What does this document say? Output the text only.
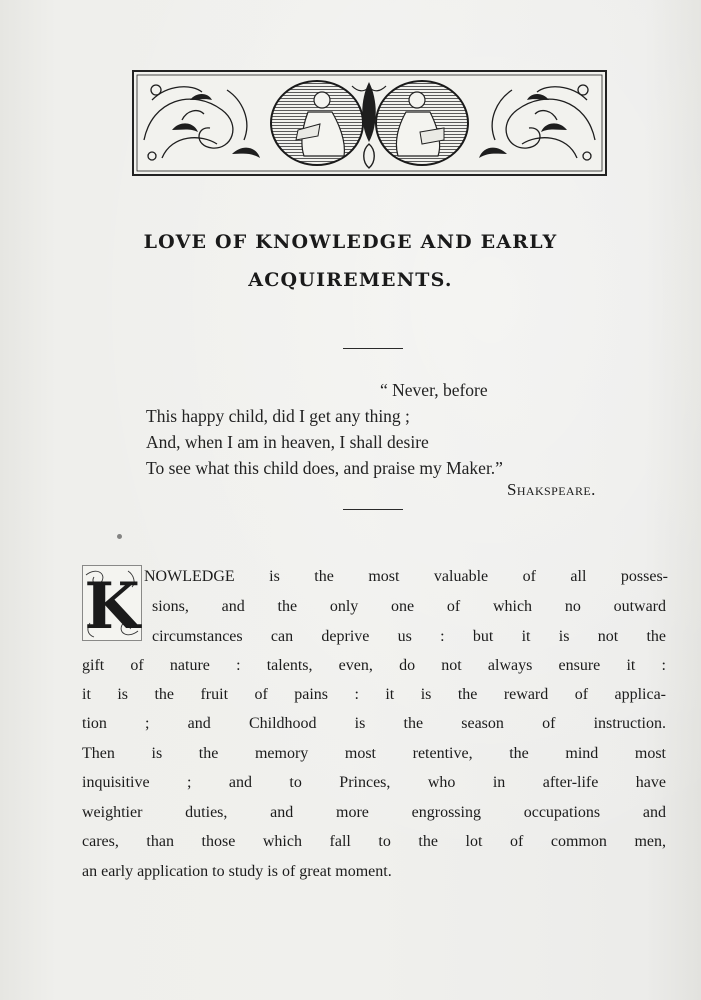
LOVE OF KNOWLEDGE AND EARLY
ACQUIREMENTS.
“ Never, before
This happy child, did I get any thing ;
And, when I am in heaven, I shall desire
To see what this child does, and praise my Maker.”
Shakspeare.
K NOWLEDGE is the most valuable of all posses-
sions, and the only one of which no outward
circumstances can deprive us : but it is not the
gift of nature : talents, even, do not always ensure it :
it is the fruit of pains : it is the reward of applica-
tion ; and Childhood is the season of instruction.
Then is the memory most retentive, the mind most
inquisitive ; and to Princes, who in after-life have
weightier duties, and more engrossing occupations and
cares, than those which fall to the lot of common men,
an early application to study is of great moment.
